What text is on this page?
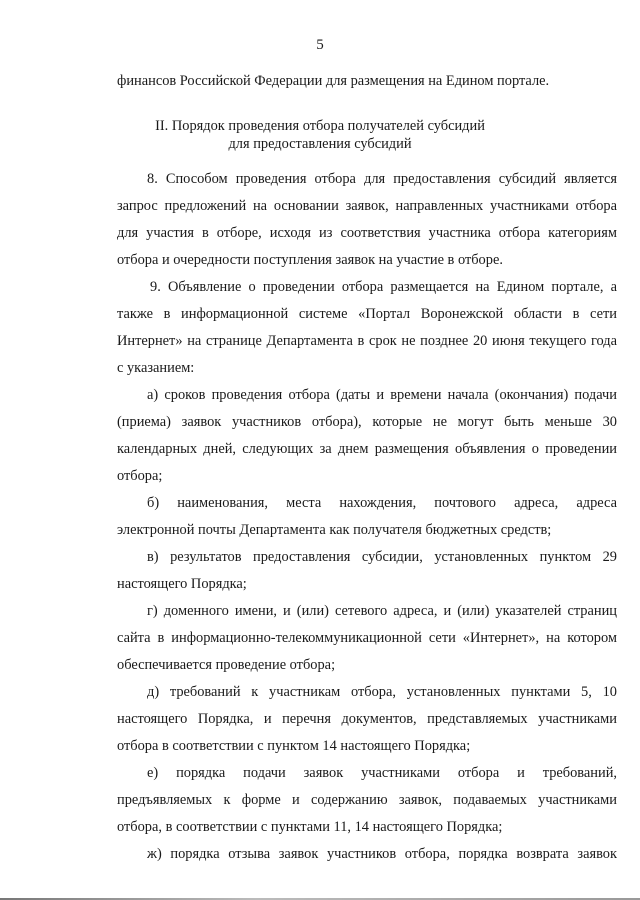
5
финансов Российской Федерации для размещения на Едином портале.
II. Порядок проведения отбора получателей субсидий
для предоставления субсидий
8. Способом проведения отбора для предоставления субсидий является
запрос предложений на основании заявок, направленных участниками отбора
для участия в отборе, исходя из соответствия участника отбора категориям
отбора и очередности поступления заявок на участие в отборе.
9. Объявление о проведении отбора размещается на Едином портале, а
также в информационной системе «Портал Воронежской области в сети
Интернет» на странице Департамента в срок не позднее 20 июня текущего года
с указанием:
а) сроков проведения отбора (даты и времени начала (окончания) подачи
(приема) заявок участников отбора), которые не могут быть меньше 30
календарных дней, следующих за днем размещения объявления о проведении
отбора;
б) наименования, места нахождения, почтового адреса, адреса
электронной почты Департамента как получателя бюджетных средств;
в) результатов предоставления субсидии, установленных пунктом 29
настоящего Порядка;
г) доменного имени, и (или) сетевого адреса, и (или) указателей страниц
сайта в информационно-телекоммуникационной сети «Интернет», на котором
обеспечивается проведение отбора;
д) требований к участникам отбора, установленных пунктами 5, 10
настоящего Порядка, и перечня документов, представляемых участниками
отбора в соответствии с пунктом 14 настоящего Порядка;
е) порядка подачи заявок участниками отбора и требований,
предъявляемых к форме и содержанию заявок, подаваемых участниками
отбора, в соответствии с пунктами 11, 14 настоящего Порядка;
ж) порядка отзыва заявок участников отбора, порядка возврата заявок
